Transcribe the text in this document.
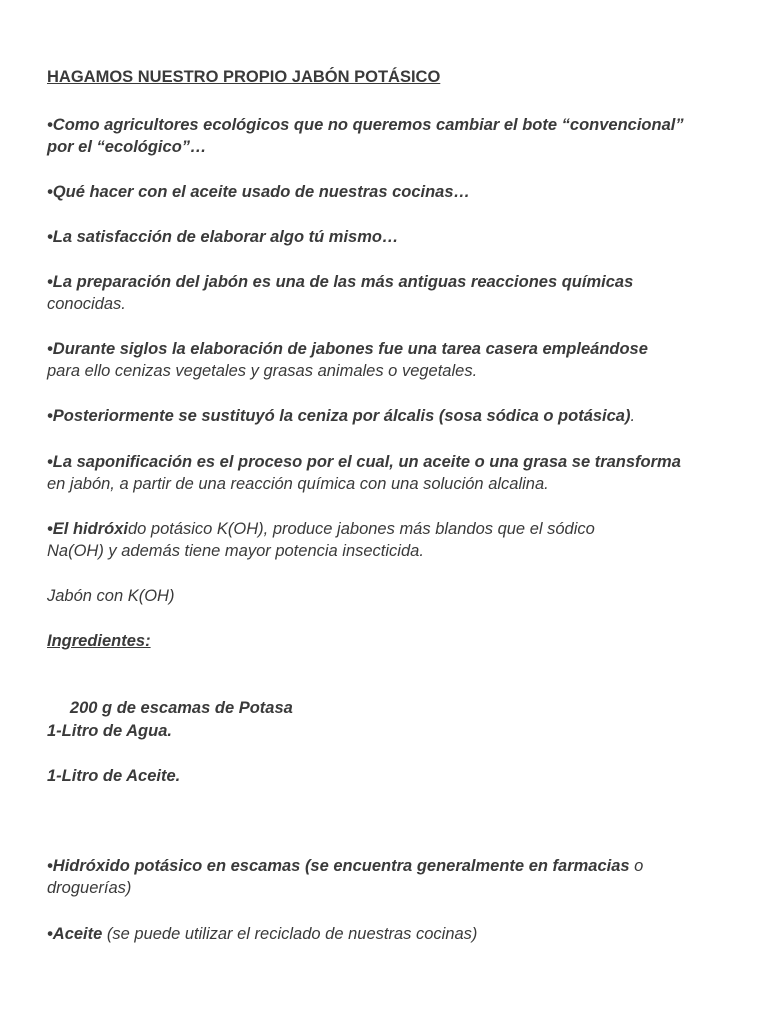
HAGAMOS NUESTRO PROPIO JABÓN POTÁSICO

•Como agricultores ecológicos que no queremos cambiar el bote “convencional”
por el “ecológico”…

•Qué hacer con el aceite usado de nuestras cocinas…

•La satisfacción de elaborar algo tú mismo…

•La preparación del jabón es una de las más antiguas reacciones químicas
conocidas.

•Durante siglos la elaboración de jabones fue una tarea casera empleándose
para ello cenizas vegetales y grasas animales o vegetales.

•Posteriormente se sustituyó la ceniza por álcalis (sosa sódica o potásica).

•La saponificación es el proceso por el cual, un aceite o una grasa se transforma
en jabón, a partir de una reacción química con una solución alcalina.

•El hidróxido potásico K(OH), produce jabones más blandos que el sódico
Na(OH) y además tiene mayor potencia insecticida.

Jabón con K(OH)

Ingredientes:

200 g de escamas de Potasa

1-Litro de Agua.

1-Litro de Aceite.

•Hidróxido potásico en escamas (se encuentra generalmente en farmacias o
droguerías)

•Aceite (se puede utilizar el reciclado de nuestras cocinas)
